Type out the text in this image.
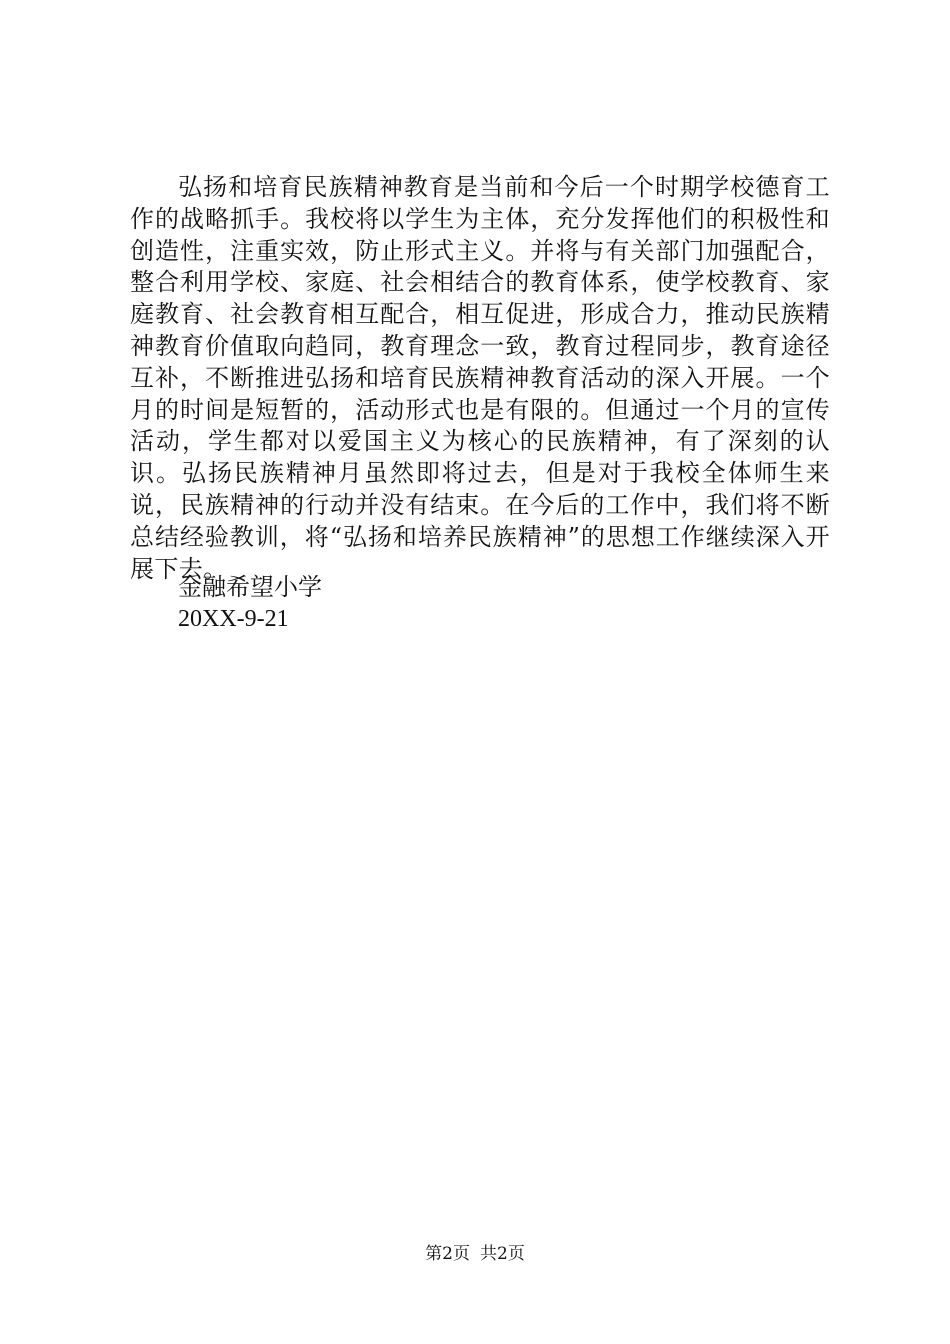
弘扬和培育民族精神教育是当前和今后一个时期学校德育工作的战略抓手。我校将以学生为主体，充分发挥他们的积极性和创造性，注重实效，防止形式主义。并将与有关部门加强配合，整合利用学校、家庭、社会相结合的教育体系，使学校教育、家庭教育、社会教育相互配合，相互促进，形成合力，推动民族精神教育价值取向趋同，教育理念一致，教育过程同步，教育途径互补，不断推进弘扬和培育民族精神教育活动的深入开展。一个月的时间是短暂的，活动形式也是有限的。但通过一个月的宣传活动，学生都对以爱国主义为核心的民族精神，有了深刻的认识。弘扬民族精神月虽然即将过去，但是对于我校全体师生来说，民族精神的行动并没有结束。在今后的工作中，我们将不断总结经验教训，将“弘扬和培养民族精神”的思想工作继续深入开展下去。

金融希望小学

20XX-9-21

第2页 共2页
